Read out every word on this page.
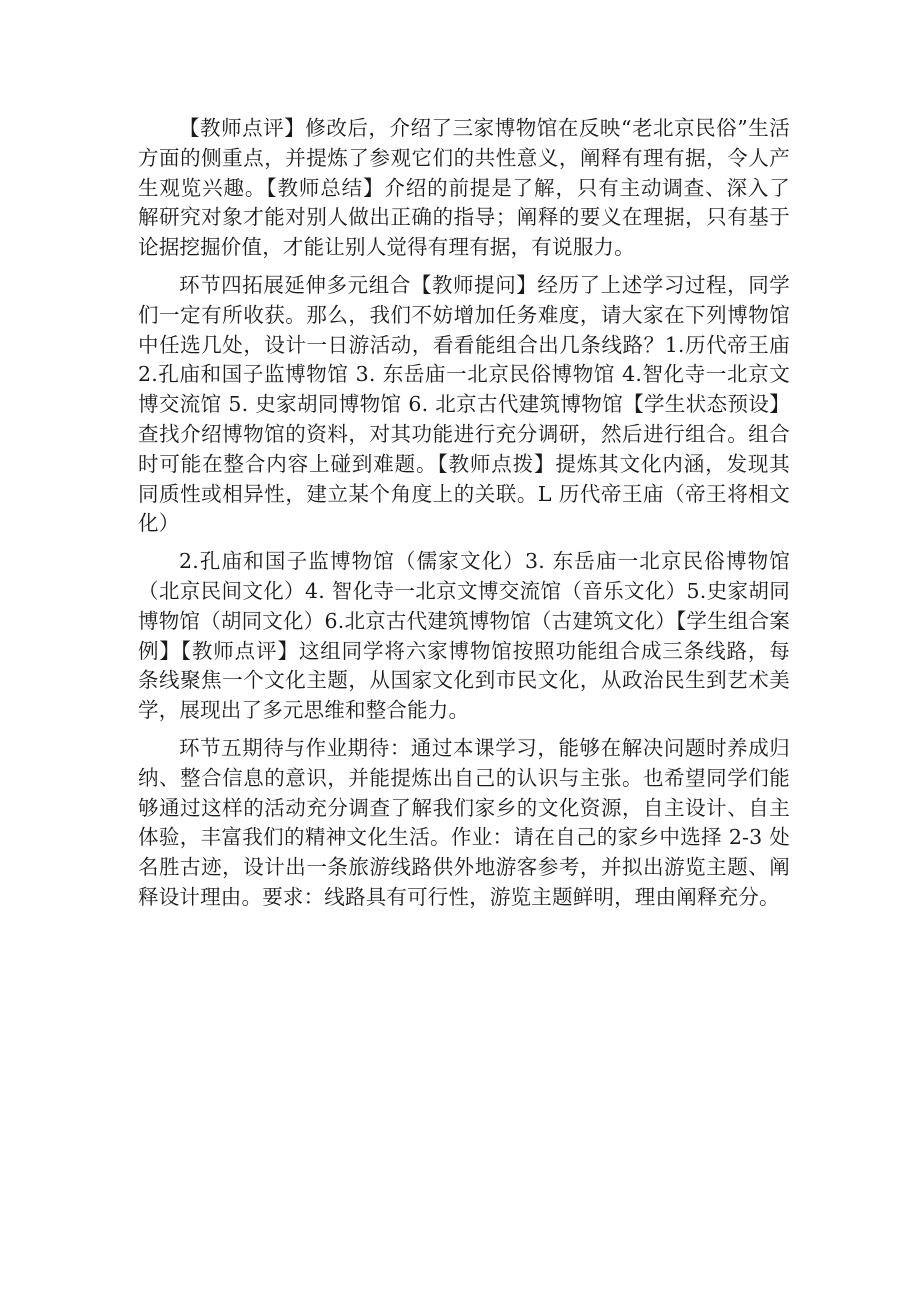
【教师点评】修改后，介绍了三家博物馆在反映“老北京民俗”生活方面的侧重点，并提炼了参观它们的共性意义，阐释有理有据，令人产生观览兴趣。【教师总结】介绍的前提是了解，只有主动调查、深入了解研究对象才能对别人做出正确的指导；阐释的要义在理据，只有基于论据挖掘价值，才能让别人觉得有理有据，有说服力。

环节四拓展延伸多元组合【教师提问】经历了上述学习过程，同学们一定有所收获。那么，我们不妨增加任务难度，请大家在下列博物馆中任选几处，设计一日游活动，看看能组合出几条线路？1.历代帝王庙 2.孔庙和国子监博物馆 3. 东岳庙一北京民俗博物馆 4.智化寺一北京文博交流馆 5. 史家胡同博物馆 6. 北京古代建筑博物馆【学生状态预设】查找介绍博物馆的资料，对其功能进行充分调研，然后进行组合。组合时可能在整合内容上碰到难题。【教师点拨】提炼其文化内涵，发现其同质性或相异性，建立某个角度上的关联。L 历代帝王庙（帝王将相文化）

2.孔庙和国子监博物馆（儒家文化）3. 东岳庙一北京民俗博物馆（北京民间文化）4. 智化寺一北京文博交流馆（音乐文化）5.史家胡同博物馆（胡同文化）6.北京古代建筑博物馆（古建筑文化）【学生组合案例】【教师点评】这组同学将六家博物馆按照功能组合成三条线路，每条线聚焦一个文化主题，从国家文化到市民文化，从政治民生到艺术美学，展现出了多元思维和整合能力。

环节五期待与作业期待：通过本课学习，能够在解决问题时养成归纳、整合信息的意识，并能提炼出自己的认识与主张。也希望同学们能够通过这样的活动充分调查了解我们家乡的文化资源，自主设计、自主体验，丰富我们的精神文化生活。作业：请在自己的家乡中选择 2-3 处名胜古迹，设计出一条旅游线路供外地游客参考，并拟出游览主题、阐释设计理由。要求：线路具有可行性，游览主题鲜明，理由阐释充分。
